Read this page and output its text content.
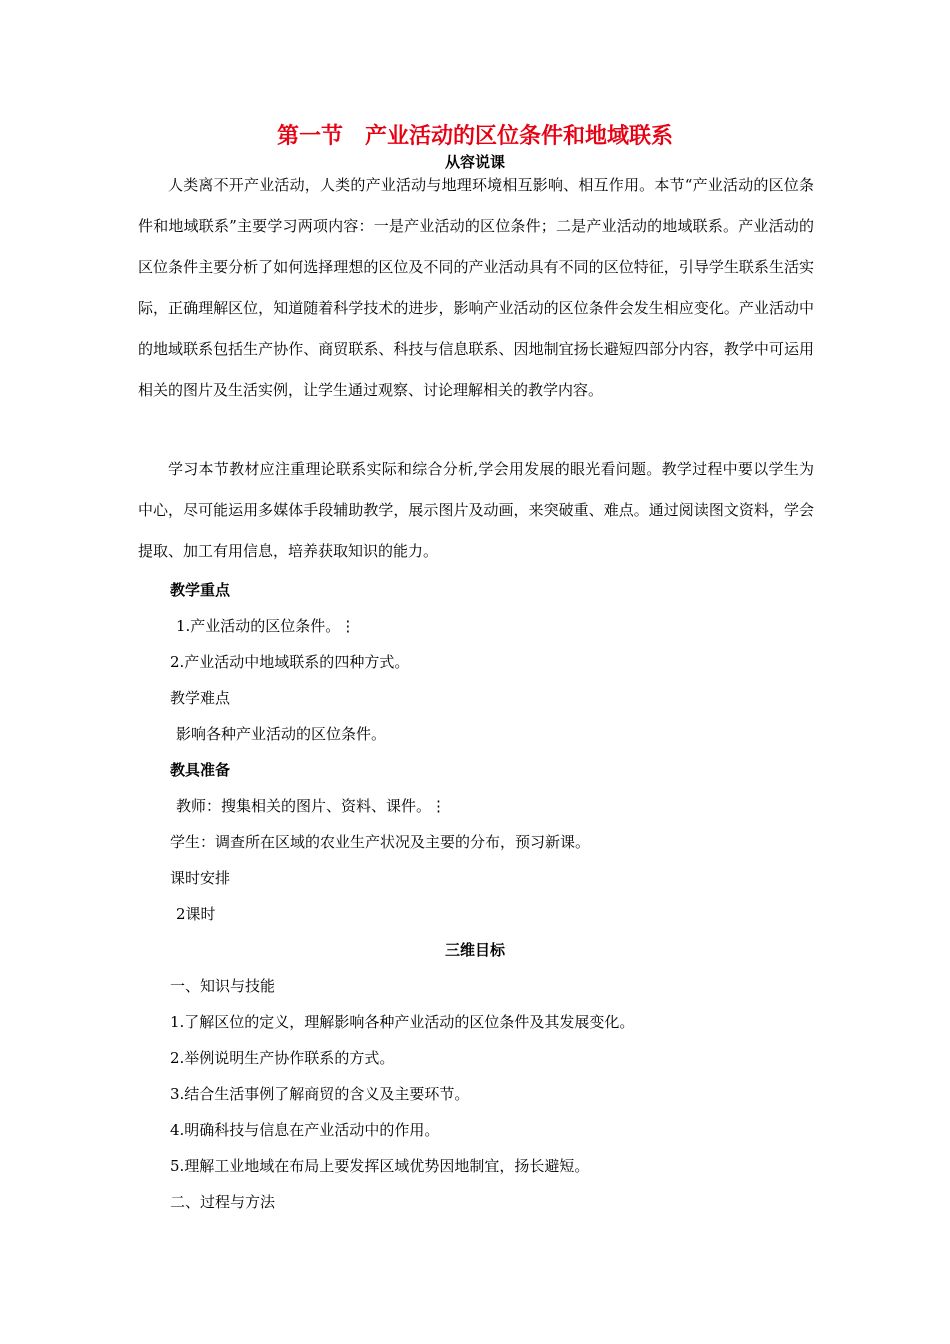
第一节　产业活动的区位条件和地域联系
从容说课

人类离不开产业活动，人类的产业活动与地理环境相互影响、相互作用。本节“产业活动的区位条件和地域联系”主要学习两项内容：一是产业活动的区位条件；二是产业活动的地域联系。产业活动的区位条件主要分析了如何选择理想的区位及不同的产业活动具有不同的区位特征，引导学生联系生活实际，正确理解区位，知道随着科学技术的进步，影响产业活动的区位条件会发生相应变化。产业活动中的地域联系包括生产协作、商贸联系、科技与信息联系、因地制宜扬长避短四部分内容，教学中可运用相关的图片及生活实例，让学生通过观察、讨论理解相关的教学内容。

学习本节教材应注重理论联系实际和综合分析,学会用发展的眼光看问题。教学过程中要以学生为中心，尽可能运用多媒体手段辅助教学，展示图片及动画，来突破重、难点。通过阅读图文资料，学会提取、加工有用信息，培养获取知识的能力。

教学重点
1.产业活动的区位条件。⋮
2.产业活动中地域联系的四种方式。
教学难点
影响各种产业活动的区位条件。
教具准备
教师：搜集相关的图片、资料、课件。⋮
学生：调查所在区域的农业生产状况及主要的分布，预习新课。
课时安排
2课时
三维目标
一、知识与技能
1.了解区位的定义，理解影响各种产业活动的区位条件及其发展变化。
2.举例说明生产协作联系的方式。
3.结合生活事例了解商贸的含义及主要环节。
4.明确科技与信息在产业活动中的作用。
5.理解工业地域在布局上要发挥区域优势因地制宜，扬长避短。
二、过程与方法
